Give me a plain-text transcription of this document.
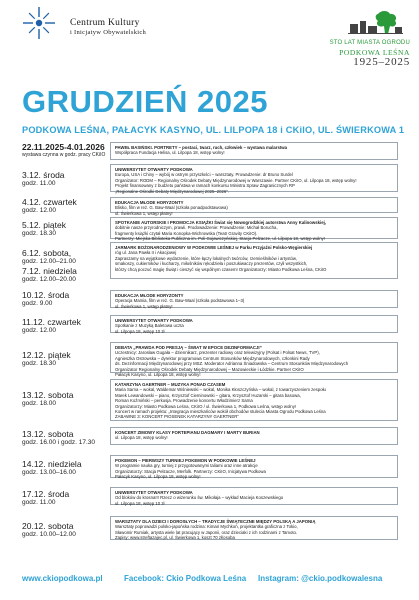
Centrum Kultury
i Inicjatyw Obywatelskich
STO LAT MIASTA OGRODU
PODKOWA LEŚNA
1925–2025
GRUDZIEŃ 2025
PODKOWA LEŚNA, PAŁACYK KASYNO, UL. LILPOPA 18 i CKiIO, UL. ŚWIERKOWA 1
22.11.2025-4.01.2026
wystawa czynna w godz. pracy CKiIO
PAWEŁ BASIŃSKI. PORTRETY – postaci, twarz, ruch, człowiek – wystawa malarstwa
Współpraca Fundacja Helisa, ul. Lilpopa 18, wstęp wolny!
3.12. środa
godz. 11.00
UNIWERSYTET OTWARTY PODKOWA
Europa, USA i Chiny – wybój w ostrym przyszłości – warsztaty. Prowadzenie: dr Bruno Surdel
Organizator: RODM – Regionalny Ośrodek Debaty Międzynarodowej w Warszawie. Partner CKiIO, ul. Lilpopa 18, wstęp wolny!
Projekt finansowany z budżetu państwa w ramach konkursu Ministra Spraw Zagranicznych RP
„Regionalne Ośrodki Debaty Międzynarodowej 2025–2026”.
4.12. czwartek
godz. 12.00
EDUKACJA MŁODE HORYZONTY
Blisko, film w reż. G. Baw-Waal (szkoła ponadpodstawowa)
ul. Świerkowa 1, wstęp płatny!
5.12. piątek
godz. 18.30
SPOTKANIE AUTORSKIE I PROMOCJA KSIĄŻKI Świat się Nowogrodzkiej autorstwa Anny Kalinowskiej,
dobitnie nasze przyrodniczym, prawii. Prodowadzenie: Prowadzenie: Michał Borucha,
fragmenty książki czytał Maria Konopka-Wichrowska (Teatr Gravity CKiIO).
Partnerzy: Miejska Biblioteka Publiczna im. Poli Gojawiczyńskiej, Stacja Pełzacze, ul. Lilpopa 18, wstęp wolny!
6.12. sobota,
godz. 12.00–21.00
7.12. niedziela
godz. 12.00–20.00
JARMARK BOŻONARODZENIOWY W PODKOWIE LEŚNEJ w Parku Przyjaźni Polsko-Węgierskiej
róg ul. Jana Pawła II i Akacjowej
Zapraszamy na wyjątkowe wydarzenie, które łączy lokalnych twórców, rzemieślników i artystów,
smakoszy, cukierników i kucharzy, miłośników rękodzieła i poszukiwaczy prezentów, czyli wszystkich,
którzy chcą poczuć magię Świąt i cieszyć się wspólnym czasem! Organizatorzy: Miasto Podkowa Leśna, CKiIO
10.12. środa
godz. 9.00
EDUKACJA MŁODE HORYZONTY
Operacja Mamia, film w reż. G. Baw-Waal (szkoła podstawowa 1–3)
ul. Świerkowa 1, wstęp płatny!
11.12. czwartek
godz. 12.00
UNIWERSYTET OTWARTY PODKOWA
Spotkanie z Muzyką Baletowa uczta
ul. Lilpopa 18, wstęp 10 zł
12.12. piątek
godz. 18.30
DEBATA „PRAWDA POD PRESJĄ – ŚWIAT W EPOCE DEZINFORMACJI”
Uczestnicy: Jarosław Gugała – dziennikarz, prezenter radiowy oraz telewizyjny (Polsat i Polsat News, TVP),
Agnieszka Ostrowska – dyrektor programowa Centrum Stosunków Międzynarodowych, członkini Rady
ds. Dezinformacji Międzynarodowej przy MSZ. Moderator Adrianna Śniadowska – Centrum Stosunków Międzynarodowych
Organizator Regionalny Ośrodek Debaty Międzynarodowej – Mazowieckie i Łódzkie. Partner CKiIO
Pałacyk Kasyno, ul. Lilpopa 18, wstęp wolny!
13.12. sobota
godz. 18.00
KATARZYNA GAERTNER – MUZYKA PONAD CZASEM
Maria Sarna – wokal, Waldemar Wiśniewski – wokal, Monika Kłoszczyńska – wokal, z towarzyszeniem zespołu
Marek Lewandowski – piano, Krzysztof Cieminowski – gitara, Krzysztof Huzarski – gitara basowa,
Roman Koźmiński – perkusja. Prowadzenie koncertu Włodzimierz Sarna
Organizatorzy: Miasto Podkowa Leśna, CKiIO / ul. Świerkowa 1, Podkowa Leśna, wstęp wolny!
Koncert w ramach projektu: „Integracja mieszkańców wokół obchodów stulecia Miasta Ogrodu Podkowa Leśna
ZABAWNE 3: KONCERT PIOSENEK KATARZYNY GAERTNER”
13.12. sobota
godz. 16.00 i godz. 17.30
KONCERT ZIMOWY KLASY FORTEPIANU DAGMARY I MARTY BURIAN
ul. Lilpopa 18, wstęp wolny!
14.12. niedziela
godz. 13.00–16.00
POKEMON – PIERWSZY TURNIEJ POKEMON W PODKOWIE LEŚNEJ
W programie nauka gry, turniej z przygotowanymi taliami oraz inne atrakcje
Organizatorzy: Stacja Pełzacze, Merfolk. Partnerzy: CKiIO, Inicjatywa Podkowa
Pałacyk Kasyno, ul. Lilpopa 18, wstęp wolny!
17.12. środa
godz. 11.00
UNIWERSYTET OTWARTY PODKOWA
Od bloków do krosna!!! Rzecz o wizerunku św. Mikołaja – wykład Macieja Koszewskiego
ul. Lilpopa 18, wstęp 10 zł
20.12. sobota
godz. 10.00–12.00
WARSZTATY DLA DZIECI I DOROSŁYCH – TRADYCJE ŚWIĄTECZNE MIĘDZY POLSKĄ A JAPONIĄ
Warsztaty poprowadzi polsko-japońska rodzina: Kimari Mychkoń, projektantka graficzna z Tokio,
Sławomir Rumiak, artysta wiele lat pracujący w Japonii, oraz dzieciaki z ich rodzinami z Tamoto.
Zapisy: www.streftazajec.pl, ul. Świerkowa 1, koszt 70 zł/osoba
www.ckiopodkowa.pl	Facebook: Ckio Podkowa Leśna Instagram: @ckio.podkowalesna
